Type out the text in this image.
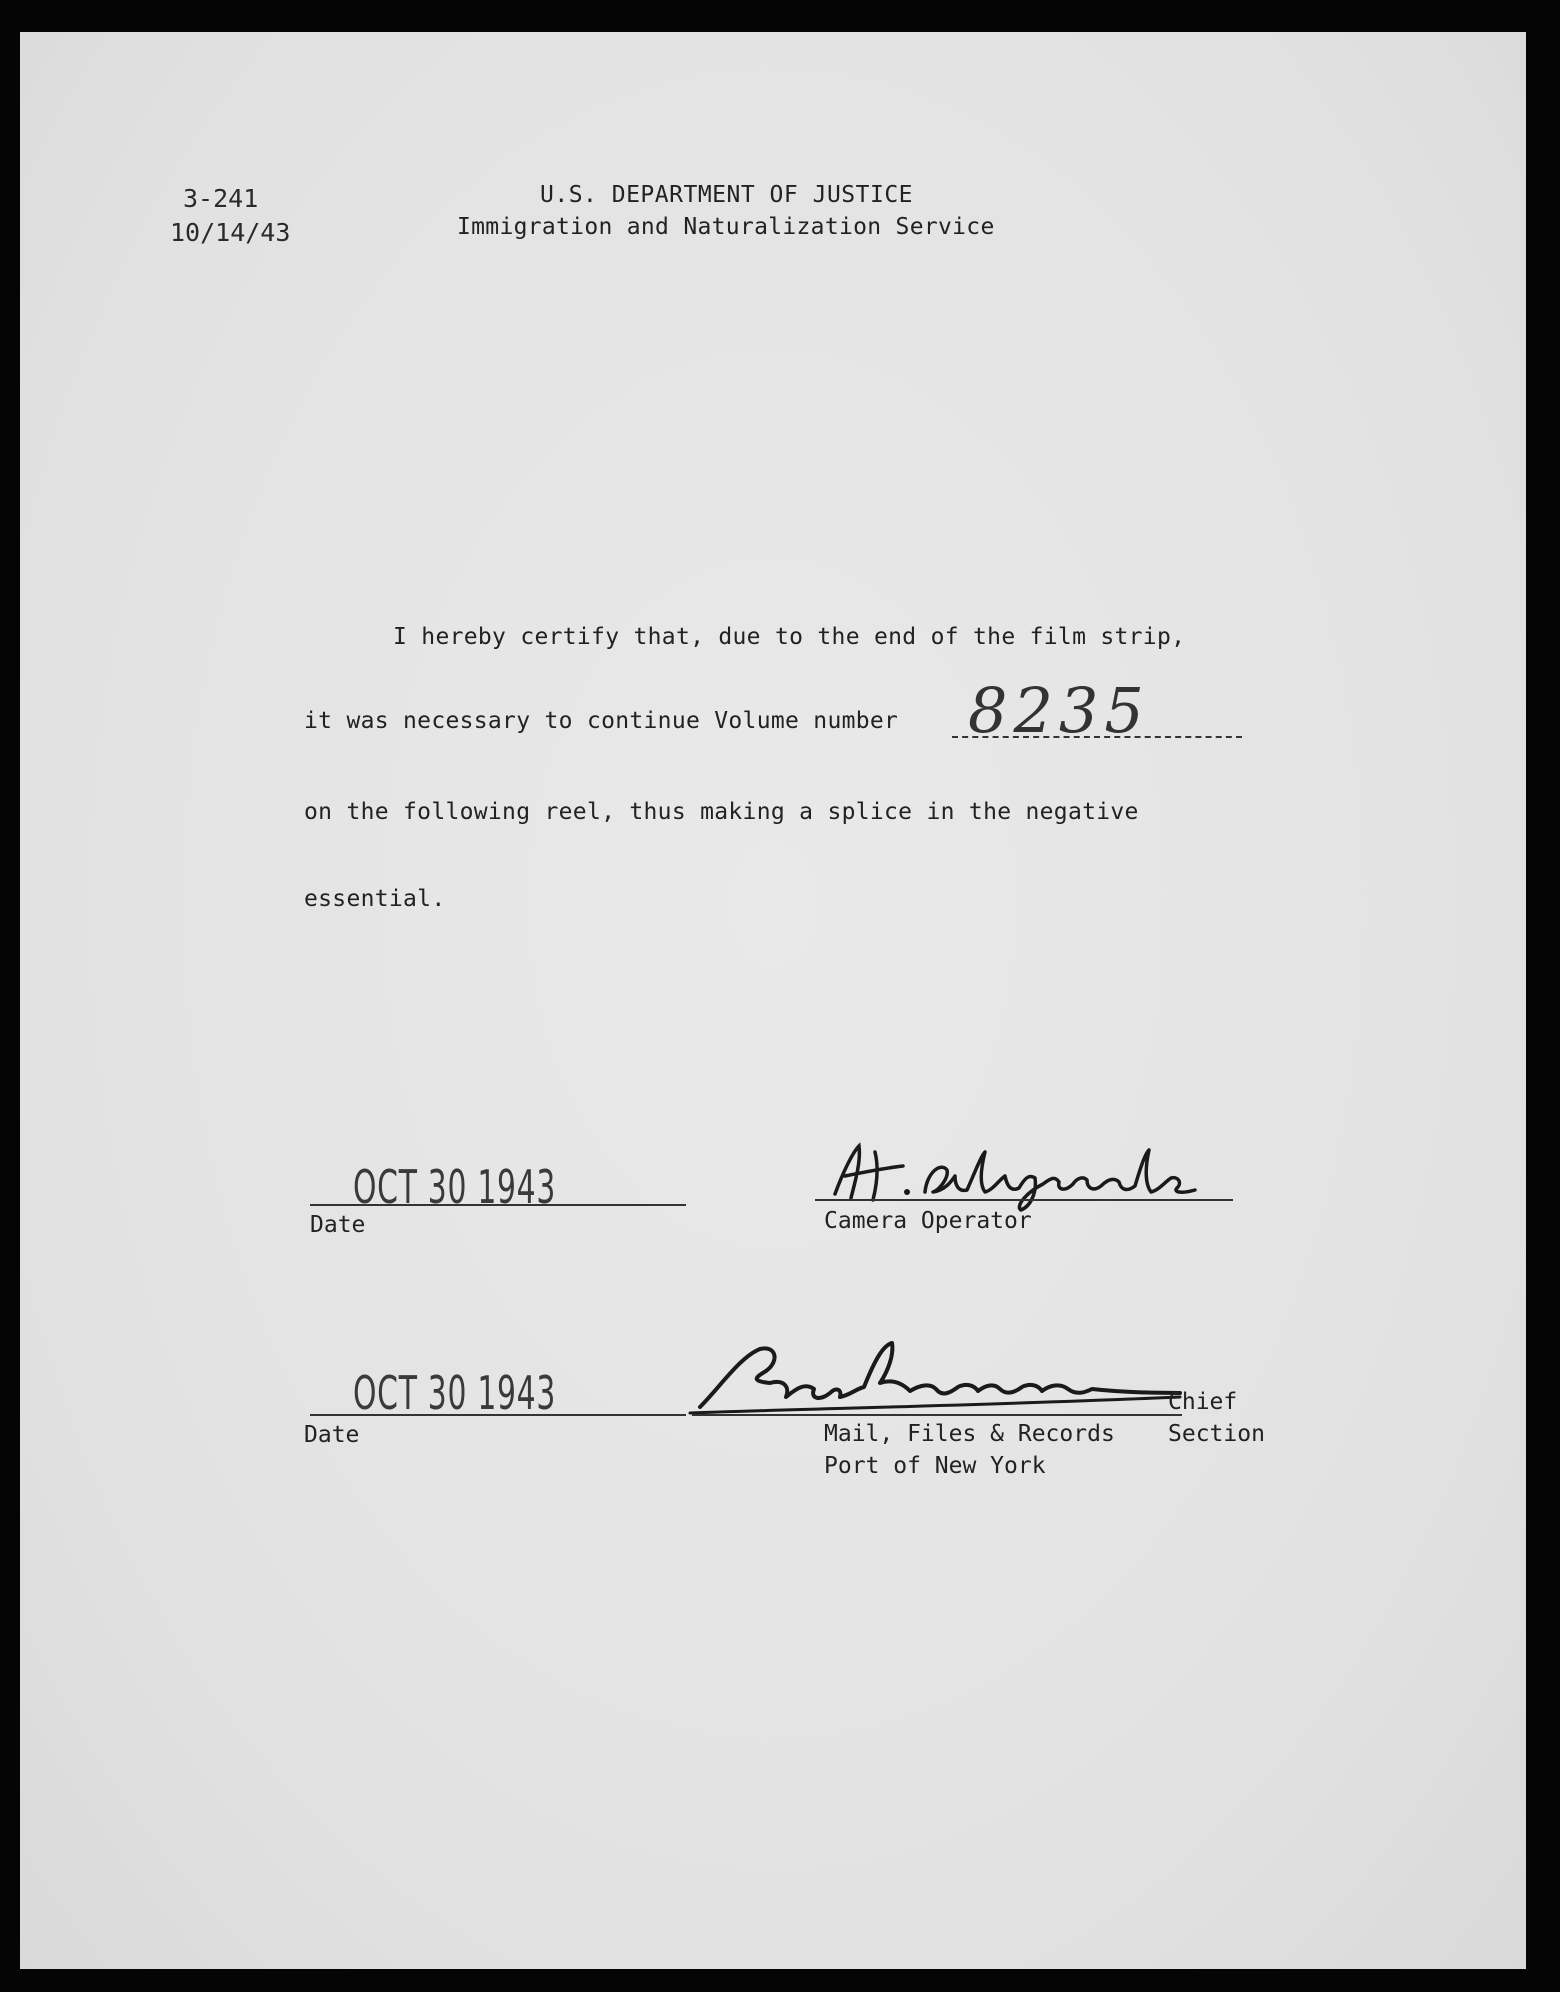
3-241
10/14/43
U.S. DEPARTMENT OF JUSTICE
Immigration and Naturalization Service
I hereby certify that, due to the end of the film strip,
it was necessary to continue Volume number 8235
on the following reel, thus making a splice in the negative
essential.
OCT 30 1943
Date	Camera Operator
OCT 30 1943
Date
Chief
Mail, Files & Records Section
Port of New York
